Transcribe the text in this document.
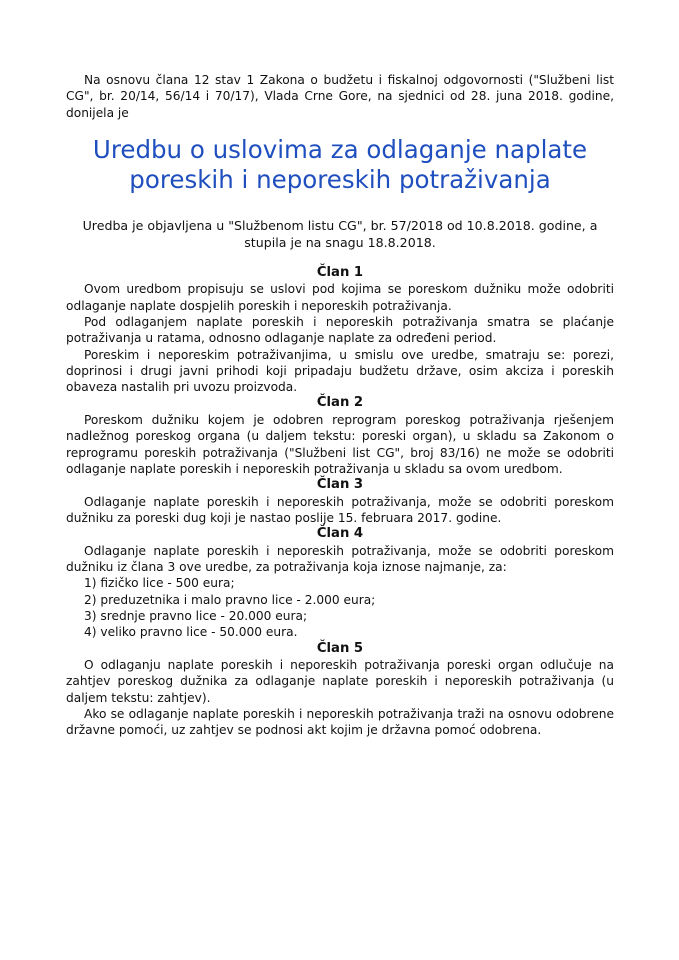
Na osnovu člana 12 stav 1 Zakona o budžetu i fiskalnoj odgovornosti ("Službeni list CG", br. 20/14, 56/14 i 70/17), Vlada Crne Gore, na sjednici od 28. juna 2018. godine, donijela je

Uredbu o uslovima za odlaganje naplate poreskih i neporeskih potraživanja

Uredba je objavljena u "Službenom listu CG", br. 57/2018 od 10.8.2018. godine, a stupila je na snagu 18.8.2018.

Član 1

Ovom uredbom propisuju se uslovi pod kojima se poreskom dužniku može odobriti odlaganje naplate dospjelih poreskih i neporeskih potraživanja.

Pod odlaganjem naplate poreskih i neporeskih potraživanja smatra se plaćanje potraživanja u ratama, odnosno odlaganje naplate za određeni period.

Poreskim i neporeskim potraživanjima, u smislu ove uredbe, smatraju se: porezi, doprinosi i drugi javni prihodi koji pripadaju budžetu države, osim akciza i poreskih obaveza nastalih pri uvozu proizvoda.

Član 2

Poreskom dužniku kojem je odobren reprogram poreskog potraživanja rješenjem nadležnog poreskog organa (u daljem tekstu: poreski organ), u skladu sa Zakonom o reprogramu poreskih potraživanja ("Službeni list CG", broj 83/16) ne može se odobriti odlaganje naplate poreskih i neporeskih potraživanja u skladu sa ovom uredbom.

Član 3

Odlaganje naplate poreskih i neporeskih potraživanja, može se odobriti poreskom dužniku za poreski dug koji je nastao poslije 15. februara 2017. godine.

Član 4

Odlaganje naplate poreskih i neporeskih potraživanja, može se odobriti poreskom dužniku iz člana 3 ove uredbe, za potraživanja koja iznose najmanje, za:

1) fizičko lice - 500 eura;
2) preduzetnika i malo pravno lice - 2.000 eura;
3) srednje pravno lice - 20.000 eura;
4) veliko pravno lice - 50.000 eura.
Član 5

O odlaganju naplate poreskih i neporeskih potraživanja poreski organ odlučuje na zahtjev poreskog dužnika za odlaganje naplate poreskih i neporeskih potraživanja (u daljem tekstu: zahtjev).

Ako se odlaganje naplate poreskih i neporeskih potraživanja traži na osnovu odobrene državne pomoći, uz zahtjev se podnosi akt kojim je državna pomoć odobrena.
